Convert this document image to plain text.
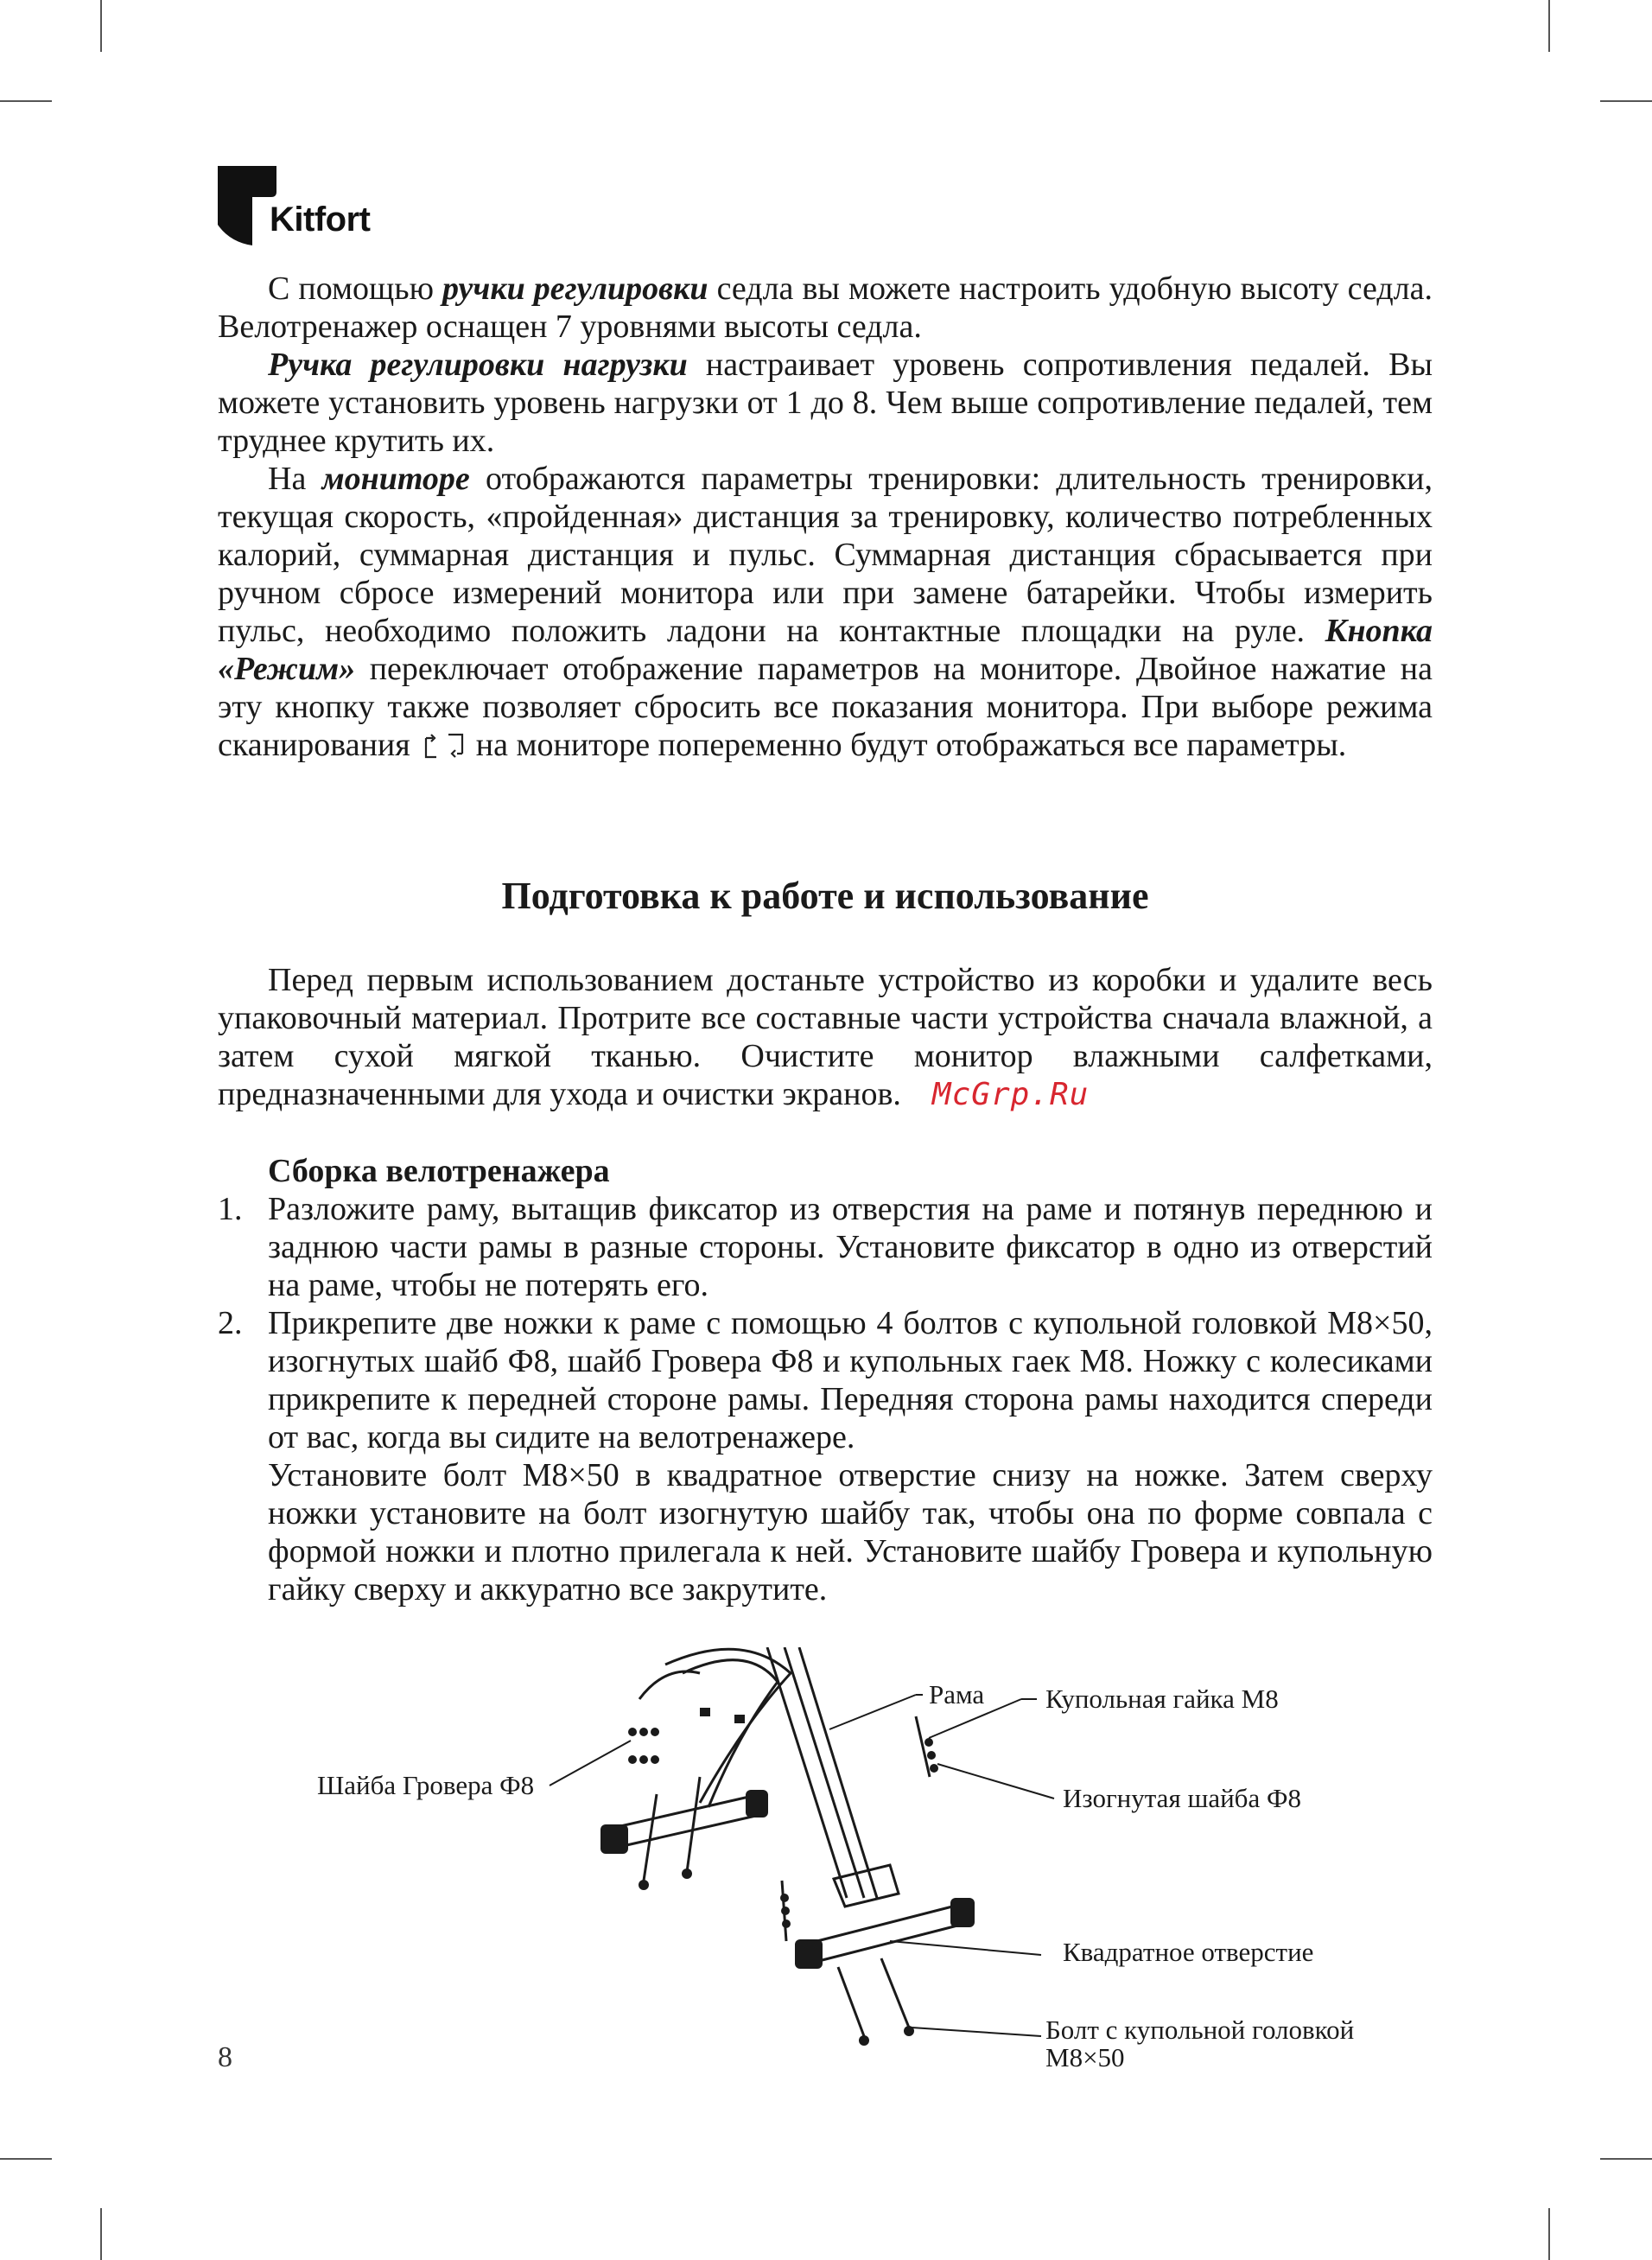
Kitfort

С помощью ручки регулировки седла вы можете настроить удобную высоту седла. Велотренажер оснащен 7 уровнями высоты седла.

Ручка регулировки нагрузки настраивает уровень сопротивления педалей. Вы можете установить уровень нагрузки от 1 до 8. Чем выше сопротивление педалей, тем труднее крутить их.

На мониторе отображаются параметры тренировки: длительность тренировки, текущая скорость, «пройденная» дистанция за тренировку, количество потребленных калорий, суммарная дистанция и пульс. Суммарная дистанция сбрасывается при ручном сбросе измерений монитора или при замене батарейки. Чтобы измерить пульс, необходимо положить ладони на контактные площадки на руле. Кнопка «Режим» переключает отображение параметров на мониторе. Двойное нажатие на эту кнопку также позволяет сбросить все показания монитора. При выборе режима сканирования на мониторе попеременно будут отображаться все параметры.

Подготовка к работе и использование

Перед первым использованием достаньте устройство из коробки и удалите весь упаковочный материал. Протрите все составные части устройства сначала влажной, а затем сухой мягкой тканью. Очистите монитор влажными салфетками, предназначенными для ухода и очистки экранов. McGrp.Ru

Сборка велотренажера
1. Разложите раму, вытащив фиксатор из отверстия на раме и потянув переднюю и заднюю части рамы в разные стороны. Установите фиксатор в одно из отверстий на раме, чтобы не потерять его.
2. Прикрепите две ножки к раме с помощью 4 болтов с купольной головкой М8×50, изогнутых шайб Ф8, шайб Гровера Ф8 и купольных гаек М8. Ножку с колесиками прикрепите к передней стороне рамы. Передняя сторона рамы находится спереди от вас, когда вы сидите на велотренажере.
Установите болт М8×50 в квадратное отверстие снизу на ножке. Затем сверху ножки установите на болт изогнутую шайбу так, чтобы она по форме совпала с формой ножки и плотно прилегала к ней. Установите шайбу Гровера и купольную гайку сверху и аккуратно все закрутите.
Рама Купольная гайка М8
Шайба Гровера Ф8	Изогнутая шайба Ф8
Квадратное отверстие
Болт с купольной головкой
М8×50
8
